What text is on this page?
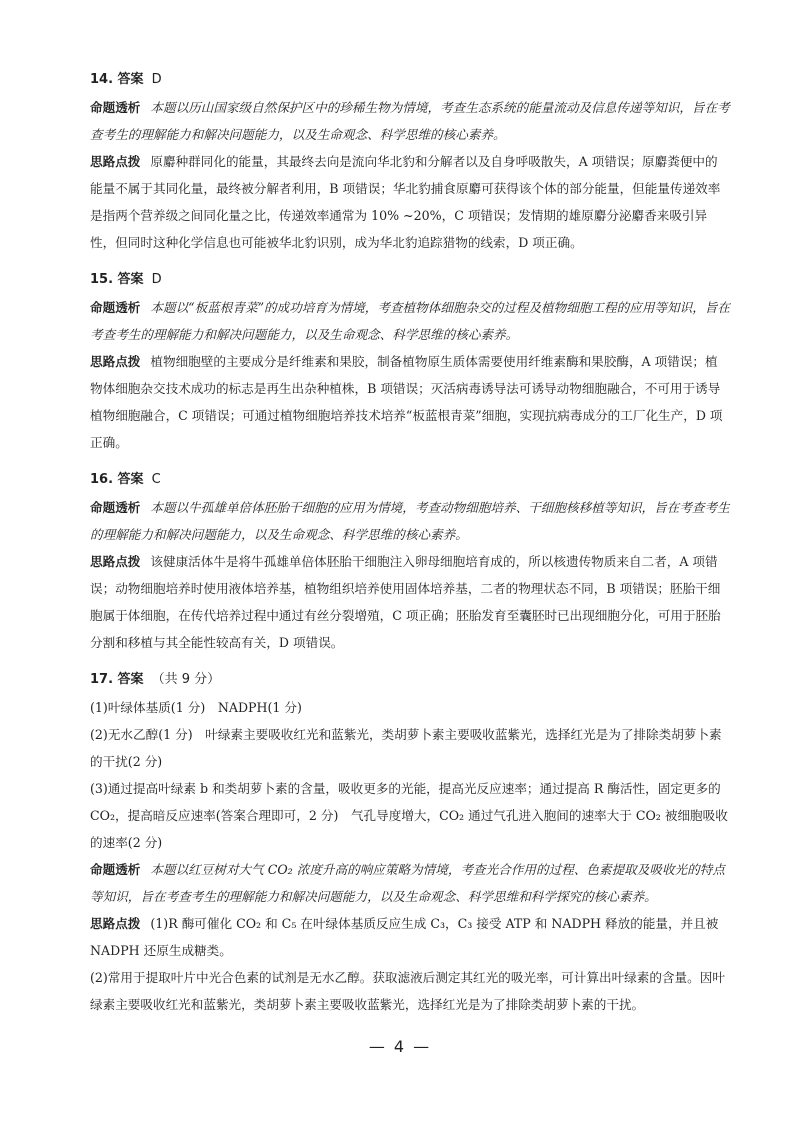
14. 答案 D
命题透析 本题以历山国家级自然保护区中的珍稀生物为情境，考查生态系统的能量流动及信息传递等知识，旨在考查考生的理解能力和解决问题能力，以及生命观念、科学思维的核心素养。
思路点拨 原麝种群同化的能量，其最终去向是流向华北豹和分解者以及自身呼吸散失，A 项错误；原麝粪便中的能量不属于其同化量，最终被分解者利用，B 项错误；华北豹捕食原麝可获得该个体的部分能量，但能量传递效率是指两个营养级之间同化量之比，传递效率通常为 10% ~20%，C 项错误；发情期的雄原麝分泌麝香来吸引异性，但同时这种化学信息也可能被华北豹识别，成为华北豹追踪猎物的线索，D 项正确。
15. 答案 D
命题透析 本题以“板蓝根青菜”的成功培育为情境，考查植物体细胞杂交的过程及植物细胞工程的应用等知识，旨在考查考生的理解能力和解决问题能力，以及生命观念、科学思维的核心素养。
思路点拨 植物细胞壁的主要成分是纤维素和果胶，制备植物原生质体需要使用纤维素酶和果胶酶，A 项错误；植物体细胞杂交技术成功的标志是再生出杂种植株，B 项错误；灭活病毒诱导法可诱导动物细胞融合，不可用于诱导植物细胞融合，C 项错误；可通过植物细胞培养技术培养“板蓝根青菜”细胞，实现抗病毒成分的工厂化生产，D 项正确。
16. 答案 C
命题透析 本题以牛孤雄单倍体胚胎干细胞的应用为情境，考查动物细胞培养、干细胞核移植等知识，旨在考查考生的理解能力和解决问题能力，以及生命观念、科学思维的核心素养。
思路点拨 该健康活体牛是将牛孤雄单倍体胚胎干细胞注入卵母细胞培育成的，所以核遗传物质来自二者，A 项错误；动物细胞培养时使用液体培养基，植物组织培养使用固体培养基，二者的物理状态不同，B 项错误；胚胎干细胞属于体细胞，在传代培养过程中通过有丝分裂增殖，C 项正确；胚胎发育至囊胚时已出现细胞分化，可用于胚胎分割和移植与其全能性较高有关，D 项错误。
17. 答案 （共 9 分）
(1)叶绿体基质(1 分)　NADPH(1 分)
(2)无水乙醇(1 分)　叶绿素主要吸收红光和蓝紫光，类胡萝卜素主要吸收蓝紫光，选择红光是为了排除类胡萝卜素的干扰(2 分)
(3)通过提高叶绿素 b 和类胡萝卜素的含量，吸收更多的光能，提高光反应速率；通过提高 R 酶活性，固定更多的 CO₂，提高暗反应速率(答案合理即可，2 分)　气孔导度增大，CO₂ 通过气孔进入胞间的速率大于 CO₂ 被细胞吸收的速率(2 分)
命题透析 本题以红豆树对大气 CO₂ 浓度升高的响应策略为情境，考查光合作用的过程、色素提取及吸收光的特点等知识，旨在考查考生的理解能力和解决问题能力，以及生命观念、科学思维和科学探究的核心素养。
思路点拨 (1)R 酶可催化 CO₂ 和 C₅ 在叶绿体基质反应生成 C₃，C₃ 接受 ATP 和 NADPH 释放的能量，并且被 NADPH 还原生成糖类。
(2)常用于提取叶片中光合色素的试剂是无水乙醇。获取滤液后测定其红光的吸光率，可计算出叶绿素的含量。因叶绿素主要吸收红光和蓝紫光，类胡萝卜素主要吸收蓝紫光，选择红光是为了排除类胡萝卜素的干扰。
— 4 —
